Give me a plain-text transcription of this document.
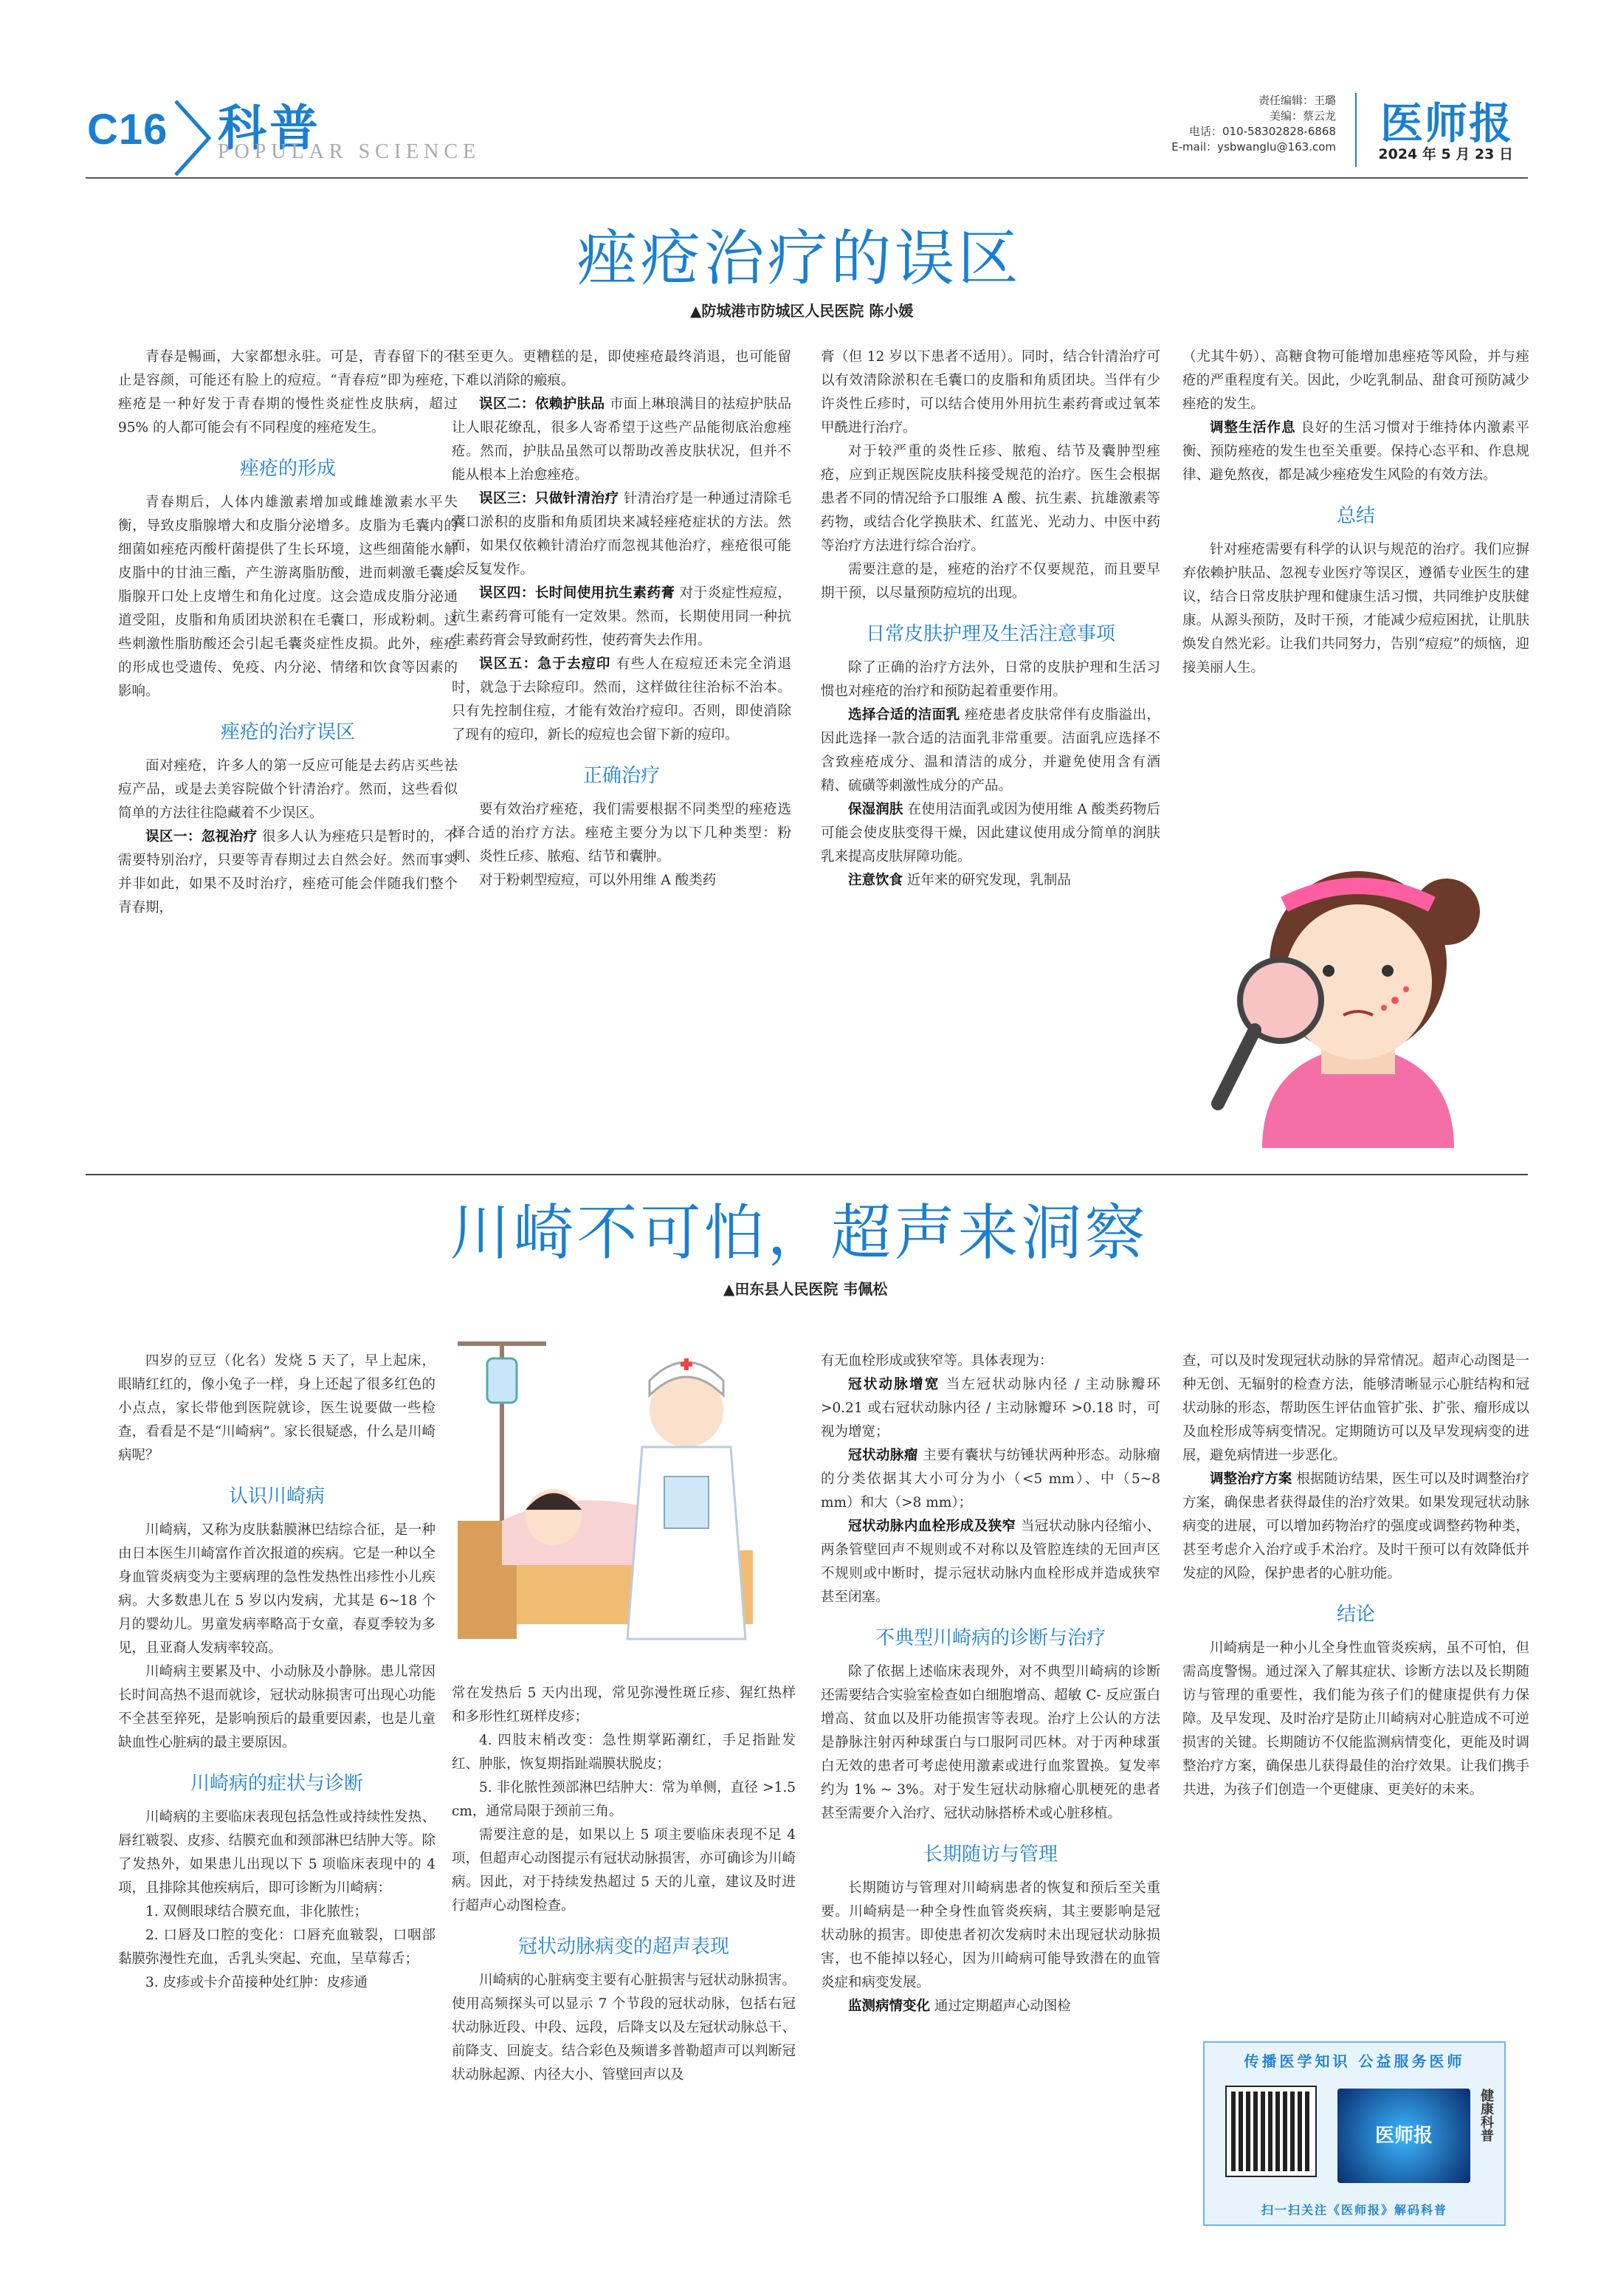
C16 科普
POPULAR SCIENCE
责任编辑：王璐
美编：蔡云龙
电话：010-58302828-6868
E-mail：ysbwanglu@163.com 医师报
2024 年 5 月 23 日
痤疮治疗的误区
▲防城港市防城区人民医院 陈小媛

青春是暢画，大家都想永驻。可是，青春留下的不止是容颜，可能还有脸上的痘痘。“青春痘”即为痤疮，痤疮是一种好发于青春期的慢性炎症性皮肤病，超过 95% 的人都可能会有不同程度的痤疮发生。

痤疮的形成

青春期后，人体内雄激素增加或雌雄激素水平失衡，导致皮脂腺增大和皮脂分泌增多。皮脂为毛囊内的细菌如痤疮丙酸杆菌提供了生长环境，这些细菌能水解皮脂中的甘油三酯，产生游离脂肪酸，进而刺激毛囊皮脂腺开口处上皮增生和角化过度。这会造成皮脂分泌通道受阻，皮脂和角质团块淤积在毛囊口，形成粉刺。这些刺激性脂肪酸还会引起毛囊炎症性皮损。此外，痤疮的形成也受遗传、免疫、内分泌、情绪和饮食等因素的影响。

痤疮的治疗误区

面对痤疮，许多人的第一反应可能是去药店买些祛痘产品，或是去美容院做个针清治疗。然而，这些看似简单的方法往往隐藏着不少误区。

误区一：忽视治疗 很多人认为痤疮只是暂时的，不需要特别治疗，只要等青春期过去自然会好。然而事实并非如此，如果不及时治疗，痤疮可能会伴随我们整个青春期，

甚至更久。更糟糕的是，即使痤疮最终消退，也可能留下难以消除的瘢痕。

误区二：依赖护肤品 市面上琳琅满目的祛痘护肤品让人眼花缭乱，很多人寄希望于这些产品能彻底治愈痤疮。然而，护肤品虽然可以帮助改善皮肤状况，但并不能从根本上治愈痤疮。

误区三：只做针清治疗 针清治疗是一种通过清除毛囊口淤积的皮脂和角质团块来减轻痤疮症状的方法。然而，如果仅依赖针清治疗而忽视其他治疗，痤疮很可能会反复发作。

误区四：长时间使用抗生素药膏 对于炎症性痘痘，抗生素药膏可能有一定效果。然而，长期使用同一种抗生素药膏会导致耐药性，使药膏失去作用。

误区五：急于去痘印 有些人在痘痘还未完全消退时，就急于去除痘印。然而，这样做往往治标不治本。只有先控制住痘，才能有效治疗痘印。否则，即使消除了现有的痘印，新长的痘痘也会留下新的痘印。

正确治疗

要有效治疗痤疮，我们需要根据不同类型的痤疮选择合适的治疗方法。痤疮主要分为以下几种类型：粉刺、炎性丘疹、脓疱、结节和囊肿。

对于粉刺型痘痘，可以外用维 A 酸类药

膏（但 12 岁以下患者不适用）。同时，结合针清治疗可以有效清除淤积在毛囊口的皮脂和角质团块。当伴有少许炎性丘疹时，可以结合使用外用抗生素药膏或过氧苯甲酰进行治疗。

对于较严重的炎性丘疹、脓疱、结节及囊肿型痤疮，应到正规医院皮肤科接受规范的治疗。医生会根据患者不同的情况给予口服维 A 酸、抗生素、抗雄激素等药物，或结合化学换肤术、红蓝光、光动力、中医中药等治疗方法进行综合治疗。

需要注意的是，痤疮的治疗不仅要规范，而且要早期干预，以尽量预防痘坑的出现。

日常皮肤护理及生活注意事项

除了正确的治疗方法外，日常的皮肤护理和生活习惯也对痤疮的治疗和预防起着重要作用。

选择合适的洁面乳 痤疮患者皮肤常伴有皮脂溢出，因此选择一款合适的洁面乳非常重要。洁面乳应选择不含致痤疮成分、温和清洁的成分，并避免使用含有酒精、硫磺等刺激性成分的产品。

保湿润肤 在使用洁面乳或因为使用维 A 酸类药物后可能会使皮肤变得干燥，因此建议使用成分简单的润肤乳来提高皮肤屏障功能。

注意饮食 近年来的研究发现，乳制品

（尤其牛奶）、高糖食物可能增加患痤疮等风险，并与痤疮的严重程度有关。因此，少吃乳制品、甜食可预防减少痤疮的发生。

调整生活作息 良好的生活习惯对于维持体内激素平衡、预防痤疮的发生也至关重要。保持心态平和、作息规律、避免熬夜，都是减少痤疮发生风险的有效方法。

总结

针对痤疮需要有科学的认识与规范的治疗。我们应摒弃依赖护肤品、忽视专业医疗等误区，遵循专业医生的建议，结合日常皮肤护理和健康生活习惯，共同维护皮肤健康。从源头预防，及时干预，才能减少痘痘困扰，让肌肤焕发自然光彩。让我们共同努力，告别“痘痘”的烦恼，迎接美丽人生。

川崎不可怕，超声来洞察
▲田东县人民医院 韦佩松

四岁的豆豆（化名）发烧 5 天了，早上起床，眼睛红红的，像小兔子一样，身上还起了很多红色的小点点，家长带他到医院就诊，医生说要做一些检查，看看是不是“川崎病”。家长很疑惑，什么是川崎病呢？

认识川崎病

川崎病，又称为皮肤黏膜淋巴结综合征，是一种由日本医生川崎富作首次报道的疾病。它是一种以全身血管炎病变为主要病理的急性发热性出疹性小儿疾病。大多数患儿在 5 岁以内发病，尤其是 6~18 个月的婴幼儿。男童发病率略高于女童，春夏季较为多见，且亚裔人发病率较高。

川崎病主要累及中、小动脉及小静脉。患儿常因长时间高热不退而就诊，冠状动脉损害可出现心功能不全甚至猝死，是影响预后的最重要因素，也是儿童缺血性心脏病的最主要原因。

川崎病的症状与诊断

川崎病的主要临床表现包括急性或持续性发热、唇红皲裂、皮疹、结膜充血和颈部淋巴结肿大等。除了发热外，如果患儿出现以下 5 项临床表现中的 4 项，且排除其他疾病后，即可诊断为川崎病：

1. 双侧眼球结合膜充血，非化脓性；

2. 口唇及口腔的变化：口唇充血皲裂，口咽部黏膜弥漫性充血，舌乳头突起、充血，呈草莓舌；

3. 皮疹或卡介苗接种处红肿：皮疹通

常在发热后 5 天内出现，常见弥漫性斑丘疹、猩红热样和多形性红斑样皮疹；

4. 四肢末梢改变：急性期掌跖潮红，手足指趾发红、肿胀，恢复期指趾端膜状脱皮；

5. 非化脓性颈部淋巴结肿大：常为单侧，直径 >1.5 cm，通常局限于颈前三角。

需要注意的是，如果以上 5 项主要临床表现不足 4 项，但超声心动图提示有冠状动脉损害，亦可确诊为川崎病。因此，对于持续发热超过 5 天的儿童，建议及时进行超声心动图检查。

冠状动脉病变的超声表现

川崎病的心脏病变主要有心脏损害与冠状动脉损害。使用高频探头可以显示 7 个节段的冠状动脉，包括右冠状动脉近段、中段、远段，后降支以及左冠状动脉总干、前降支、回旋支。结合彩色及频谱多普勒超声可以判断冠状动脉起源、内径大小、管壁回声以及

有无血栓形成或狭窄等。具体表现为：

冠状动脉增宽 当左冠状动脉内径 / 主动脉瓣环 >0.21 或右冠状动脉内径 / 主动脉瓣环 >0.18 时，可视为增宽；

冠状动脉瘤 主要有囊状与纺锤状两种形态。动脉瘤的分类依据其大小可分为小（<5 mm）、中（5~8 mm）和大（>8 mm）；

冠状动脉内血栓形成及狭窄 当冠状动脉内径缩小、两条管壁回声不规则或不对称以及管腔连续的无回声区不规则或中断时，提示冠状动脉内血栓形成并造成狭窄甚至闭塞。

不典型川崎病的诊断与治疗

除了依据上述临床表现外，对不典型川崎病的诊断还需要结合实验室检查如白细胞增高、超敏 C- 反应蛋白增高、贫血以及肝功能损害等表现。治疗上公认的方法是静脉注射丙种球蛋白与口服阿司匹林。对于丙种球蛋白无效的患者可考虑使用激素或进行血浆置换。复发率约为 1% ~ 3%。对于发生冠状动脉瘤心肌梗死的患者甚至需要介入治疗、冠状动脉搭桥术或心脏移植。

长期随访与管理

长期随访与管理对川崎病患者的恢复和预后至关重要。川崎病是一种全身性血管炎疾病，其主要影响是冠状动脉的损害。即使患者初次发病时未出现冠状动脉损害，也不能掉以轻心，因为川崎病可能导致潜在的血管炎症和病变发展。

监测病情变化 通过定期超声心动图检

查，可以及时发现冠状动脉的异常情况。超声心动图是一种无创、无辐射的检查方法，能够清晰显示心脏结构和冠状动脉的形态，帮助医生评估血管扩张、扩张、瘤形成以及血栓形成等病变情况。定期随访可以及早发现病变的进展，避免病情进一步恶化。

调整治疗方案 根据随访结果，医生可以及时调整治疗方案，确保患者获得最佳的治疗效果。如果发现冠状动脉病变的进展，可以增加药物治疗的强度或调整药物种类，甚至考虑介入治疗或手术治疗。及时干预可以有效降低并发症的风险，保护患者的心脏功能。

结论

川崎病是一种小儿全身性血管炎疾病，虽不可怕，但需高度警惕。通过深入了解其症状、诊断方法以及长期随访与管理的重要性，我们能为孩子们的健康提供有力保障。及早发现、及时治疗是防止川崎病对心脏造成不可逆损害的关键。长期随访不仅能监测病情变化，更能及时调整治疗方案，确保患儿获得最佳的治疗效果。让我们携手共进，为孩子们创造一个更健康、更美好的未来。

传播医学知识 公益服务医师
医师报	健康科普
扫一扫关注《医师报》解码科普
